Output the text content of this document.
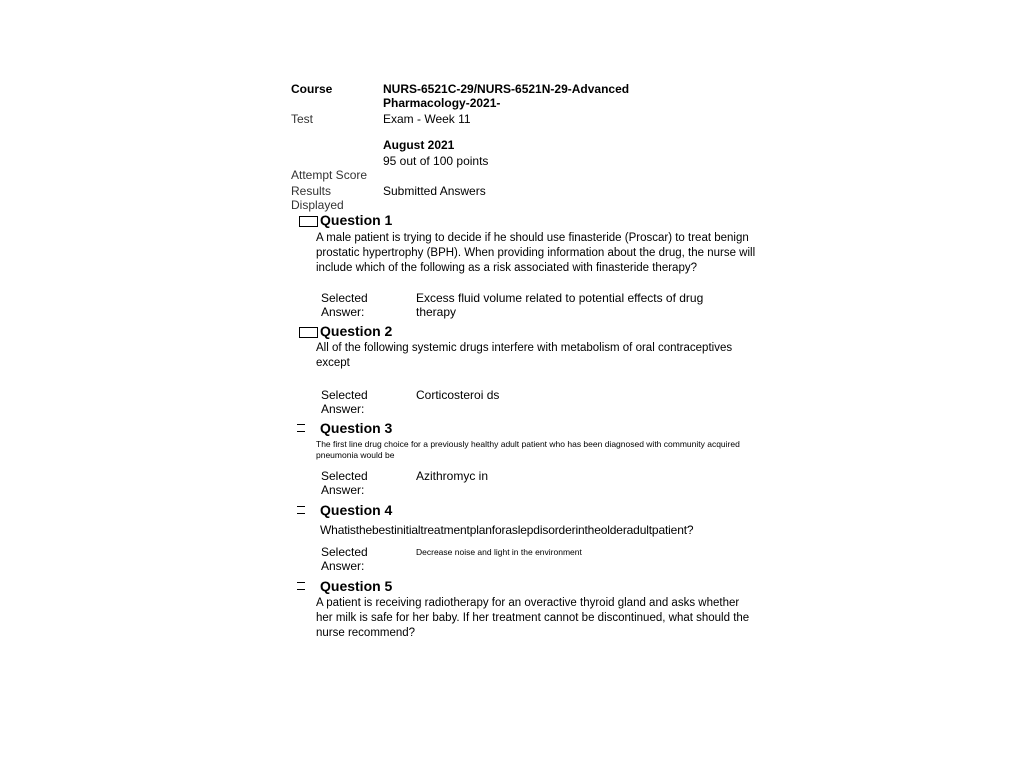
Course	NURS-6521C-29/NURS-6521N-29-Advanced
Pharmacology-2021-
Test	Exam - Week 11
August 2021
95 out of 100 points
Attempt Score
Results
Displayed
Submitted Answers
Question 1
A male patient is trying to decide if he should use finasteride (Proscar) to treat benign prostatic hypertrophy (BPH). When providing information about the drug, the nurse will include which of the following as a risk associated with finasteride therapy?
Selected
Answer:
Excess fluid volume related to potential effects of drug
therapy
Question 2
All of the following systemic drugs interfere with metabolism of oral contraceptives except
Selected
Answer:
Corticosteroi ds
Question 3
The first line drug choice for a previously healthy adult patient who has been diagnosed with community acquired pneumonia would be
Selected
Answer:
Azithromyc in
Question 4
Whatisthebestinitialtreatmentplanforaslepdisorderintheolderadultpatient?
Selected
Answer:
Decrease noise and light in the environment
Question 5
A patient is receiving radiotherapy for an overactive thyroid gland and asks whether her milk is safe for her baby. If her treatment cannot be discontinued, what should the nurse recommend?
